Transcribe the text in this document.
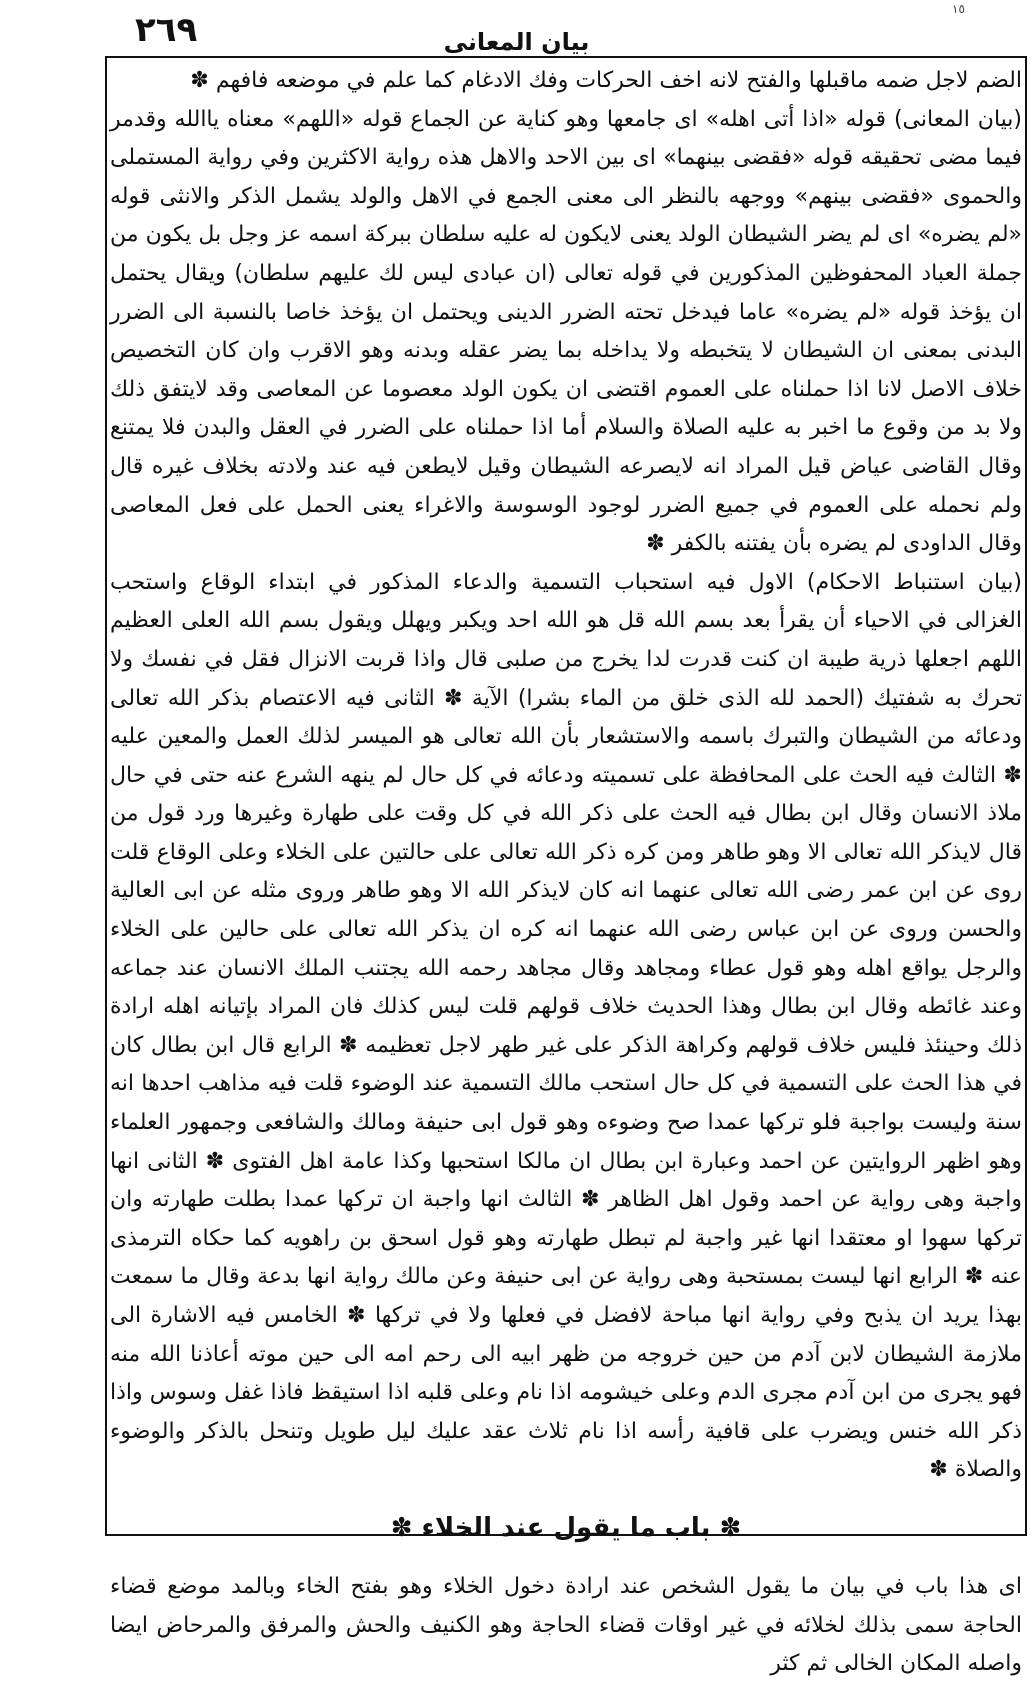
٢٦٩	بيان المعانى
١٥

الضم لاجل ضمه ماقبلها والفتح لانه اخف الحركات وفك الادغام كما علم في موضعه فافهم ✽

(بيان المعانى) قوله «اذا أتى اهله» اى جامعها وهو كناية عن الجماع قوله «اللهم» معناه ياالله وقدمر فيما مضى تحقيقه قوله «فقضى بينهما» اى بين الاحد والاهل هذه رواية الاكثرين وفي رواية المستملى والحموى «فقضى بينهم» ووجهه بالنظر الى معنى الجمع في الاهل والولد يشمل الذكر والانثى قوله «لم يضره» اى لم يضر الشيطان الولد يعنى لايكون له عليه سلطان ببركة اسمه عز وجل بل يكون من جملة العباد المحفوظين المذكورين في قوله تعالى (ان عبادى ليس لك عليهم سلطان) ويقال يحتمل ان يؤخذ قوله «لم يضره» عاما فيدخل تحته الضرر الدينى ويحتمل ان يؤخذ خاصا بالنسبة الى الضرر البدنى بمعنى ان الشيطان لا يتخبطه ولا يداخله بما يضر عقله وبدنه وهو الاقرب وان كان التخصيص خلاف الاصل لانا اذا حملناه على العموم اقتضى ان يكون الولد معصوما عن المعاصى وقد لايتفق ذلك ولا بد من وقوع ما اخبر به عليه الصلاة والسلام أما اذا حملناه على الضرر في العقل والبدن فلا يمتنع وقال القاضى عياض قيل المراد انه لايصرعه الشيطان وقيل لايطعن فيه عند ولادته بخلاف غيره قال ولم نحمله على العموم في جميع الضرر لوجود الوسوسة والاغراء يعنى الحمل على فعل المعاصى وقال الداودى لم يضره بأن يفتنه بالكفر ✽

(بيان استنباط الاحكام) الاول فيه استحباب التسمية والدعاء المذكور في ابتداء الوقاع واستحب الغزالى في الاحياء أن يقرأ بعد بسم الله قل هو الله احد ويكبر ويهلل ويقول بسم الله العلى العظيم اللهم اجعلها ذرية طيبة ان كنت قدرت لدا يخرج من صلبى قال واذا قربت الانزال فقل في نفسك ولا تحرك به شفتيك (الحمد لله الذى خلق من الماء بشرا) الآية ✽ الثانى فيه الاعتصام بذكر الله تعالى ودعائه من الشيطان والتبرك باسمه والاستشعار بأن الله تعالى هو الميسر لذلك العمل والمعين عليه ✽ الثالث فيه الحث على المحافظة على تسميته ودعائه في كل حال لم ينهه الشرع عنه حتى في حال ملاذ الانسان وقال ابن بطال فيه الحث على ذكر الله في كل وقت على طهارة وغيرها ورد قول من قال لايذكر الله تعالى الا وهو طاهر ومن كره ذكر الله تعالى على حالتين على الخلاء وعلى الوقاع قلت روى عن ابن عمر رضى الله تعالى عنهما انه كان لايذكر الله الا وهو طاهر وروى مثله عن ابى العالية والحسن وروى عن ابن عباس رضى الله عنهما انه كره ان يذكر الله تعالى على حالين على الخلاء والرجل يواقع اهله وهو قول عطاء ومجاهد وقال مجاهد رحمه الله يجتنب الملك الانسان عند جماعه وعند غائطه وقال ابن بطال وهذا الحديث خلاف قولهم قلت ليس كذلك فان المراد بإتيانه اهله ارادة ذلك وحينئذ فليس خلاف قولهم وكراهة الذكر على غير طهر لاجل تعظيمه ✽ الرابع قال ابن بطال كان في هذا الحث على التسمية في كل حال استحب مالك التسمية عند الوضوء قلت فيه مذاهب احدها انه سنة وليست بواجبة فلو تركها عمدا صح وضوءه وهو قول ابى حنيفة ومالك والشافعى وجمهور العلماء وهو اظهر الروايتين عن احمد وعبارة ابن بطال ان مالكا استحبها وكذا عامة اهل الفتوى ✽ الثانى انها واجبة وهى رواية عن احمد وقول اهل الظاهر ✽ الثالث انها واجبة ان تركها عمدا بطلت طهارته وان تركها سهوا او معتقدا انها غير واجبة لم تبطل طهارته وهو قول اسحق بن راهويه كما حكاه الترمذى عنه ✽ الرابع انها ليست بمستحبة وهى رواية عن ابى حنيفة وعن مالك رواية انها بدعة وقال ما سمعت بهذا يريد ان يذبح وفي رواية انها مباحة لافضل في فعلها ولا في تركها ✽ الخامس فيه الاشارة الى ملازمة الشيطان لابن آدم من حين خروجه من ظهر ابيه الى رحم امه الى حين موته أعاذنا الله منه فهو يجرى من ابن آدم مجرى الدم وعلى خيشومه اذا نام وعلى قلبه اذا استيقظ فاذا غفل وسوس واذا ذكر الله خنس ويضرب على قافية رأسه اذا نام ثلاث عقد عليك ليل طويل وتنحل بالذكر والوضوء والصلاة ✽

✽ باب ما يقول عند الخلاء ✽

اى هذا باب في بيان ما يقول الشخص عند ارادة دخول الخلاء وهو بفتح الخاء وبالمد موضع قضاء الحاجة سمى بذلك لخلائه في غير اوقات قضاء الحاجة وهو الكنيف والحش والمرفق والمرحاض ايضا واصله المكان الخالى ثم كثر
